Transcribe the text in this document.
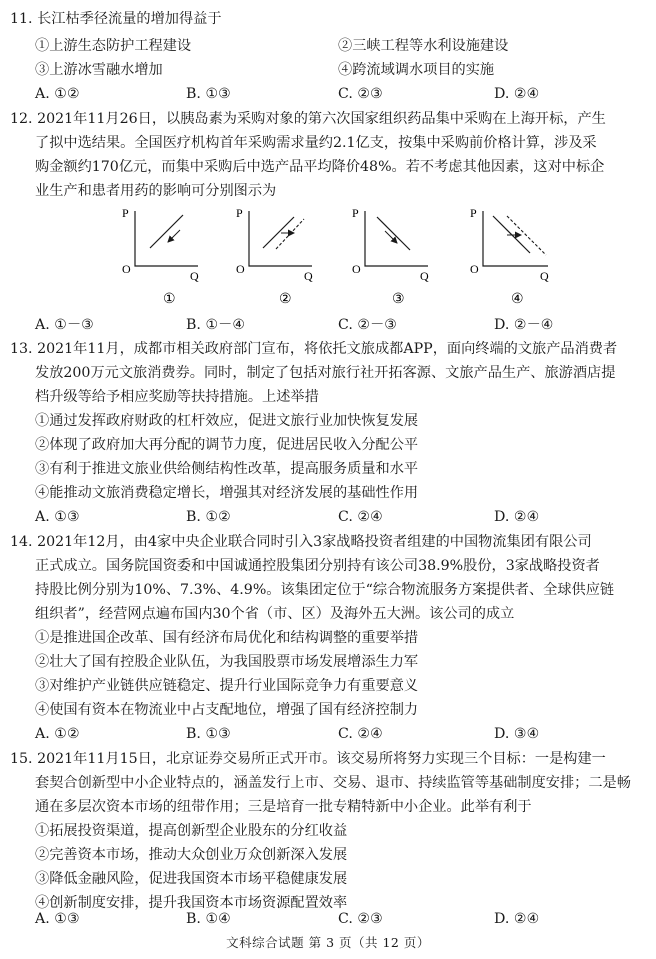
11. 长江枯季径流量的增加得益于
①上游生态防护工程建设	②三峡工程等水利设施建设
③上游冰雪融水增加	④跨流域调水项目的实施
A. ①②	B. ①③	C. ②③	D. ②④
12. 2021年11月26日，以胰岛素为采购对象的第六次国家组织药品集中采购在上海开标，产生
了拟中选结果。全国医疗机构首年采购需求量约2.1亿支，按集中采购前价格计算，涉及采
购金额约170亿元，而集中采购后中选产品平均降价48%。若不考虑其他因素，这对中标企
业生产和患者用药的影响可分别图示为
P
O	Q
①
P
O	Q
②
P
O	Q
③
P
O	Q
④
A. ①－③	B. ①－④	C. ②－③	D. ②－④
13. 2021年11月，成都市相关政府部门宣布，将依托文旅成都APP，面向终端的文旅产品消费者
发放200万元文旅消费券。同时，制定了包括对旅行社开拓客源、文旅产品生产、旅游酒店提
档升级等给予相应奖励等扶持措施。上述举措
①通过发挥政府财政的杠杆效应，促进文旅行业加快恢复发展
②体现了政府加大再分配的调节力度，促进居民收入分配公平
③有利于推进文旅业供给侧结构性改革，提高服务质量和水平
④能推动文旅消费稳定增长，增强其对经济发展的基础性作用
A. ①③	B. ①②	C. ②④	D. ②④
14. 2021年12月，由4家中央企业联合同时引入3家战略投资者组建的中国物流集团有限公司
正式成立。国务院国资委和中国诚通控股集团分别持有该公司38.9%股份，3家战略投资者
持股比例分别为10%、7.3%、4.9%。该集团定位于“综合物流服务方案提供者、全球供应链
组织者”，经营网点遍布国内30个省（市、区）及海外五大洲。该公司的成立
①是推进国企改革、国有经济布局优化和结构调整的重要举措
②壮大了国有控股企业队伍，为我国股票市场发展增添生力军
③对维护产业链供应链稳定、提升行业国际竞争力有重要意义
④使国有资本在物流业中占支配地位，增强了国有经济控制力
A. ①②	B. ①③	C. ②④	D. ③④
15. 2021年11月15日，北京证券交易所正式开市。该交易所将努力实现三个目标：一是构建一
套契合创新型中小企业特点的，涵盖发行上市、交易、退市、持续监管等基础制度安排；二是畅
通在多层次资本市场的纽带作用；三是培育一批专精特新中小企业。此举有利于
①拓展投资渠道，提高创新型企业股东的分红收益
②完善资本市场，推动大众创业万众创新深入发展
③降低金融风险，促进我国资本市场平稳健康发展
④创新制度安排，提升我国资本市场资源配置效率
A. ①③	B. ①④	C. ②③	D. ②④
文科综合试题 第 3 页（共 12 页）
